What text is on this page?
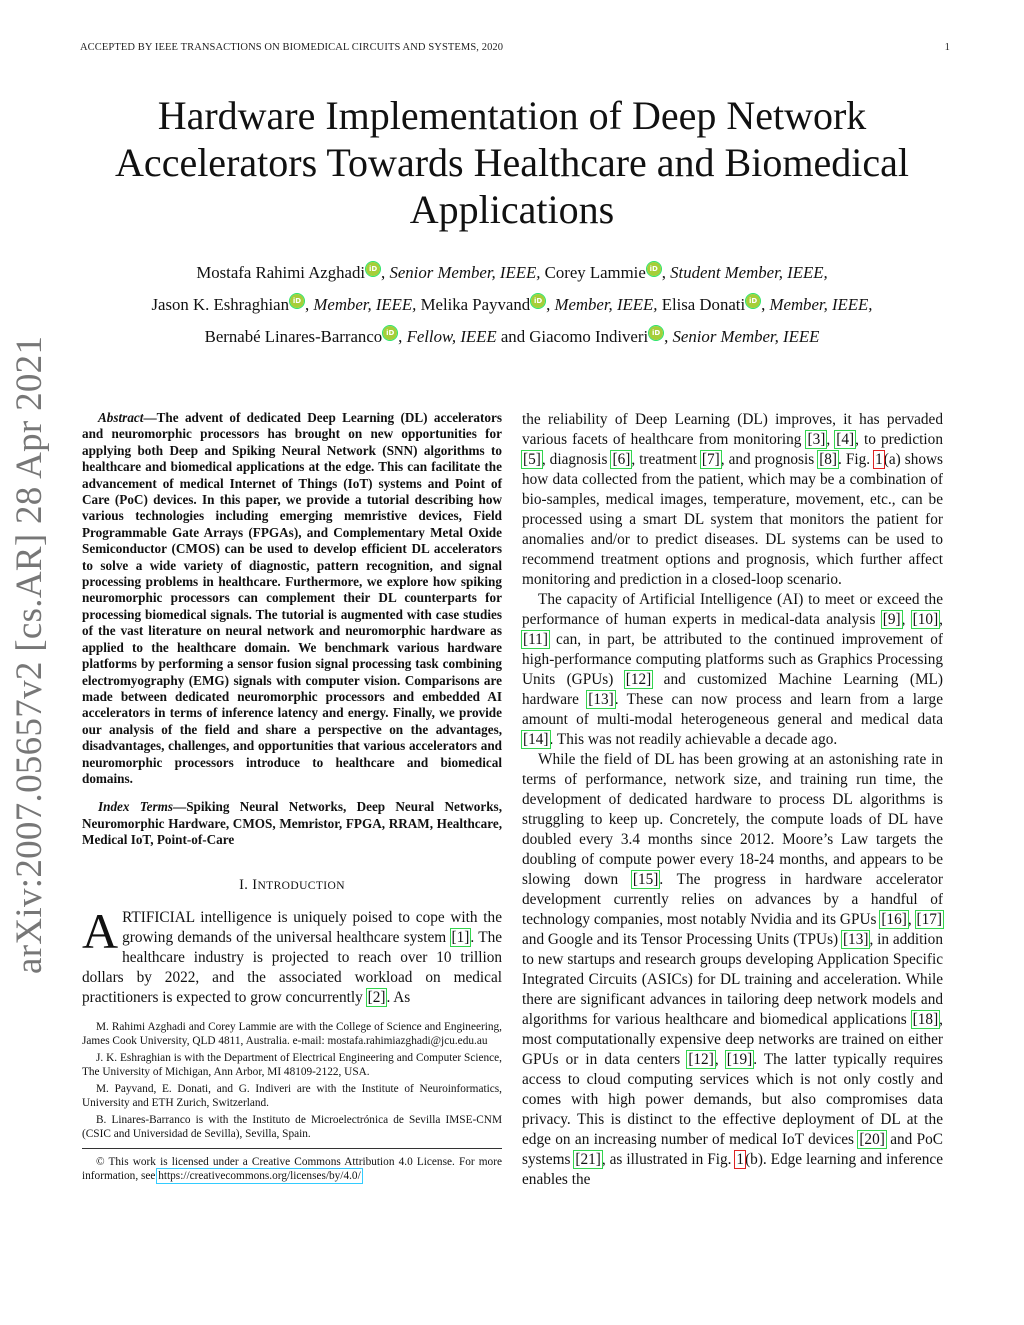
ACCEPTED BY IEEE TRANSACTIONS ON BIOMEDICAL CIRCUITS AND SYSTEMS, 2020	1
arXiv:2007.05657v2 [cs.AR] 28 Apr 2021
Hardware Implementation of Deep Network
Accelerators Towards Healthcare and Biomedical
Applications
Mostafa Rahimi Azghadi iD , Senior Member, IEEE, Corey Lammie iD , Student Member, IEEE,
Jason K. Eshraghian iD , Member, IEEE, Melika Payvand iD , Member, IEEE, Elisa Donati iD , Member, IEEE,
Bernabé Linares-Barranco iD , Fellow, IEEE and Giacomo Indiveri iD , Senior Member, IEEE

Abstract—The advent of dedicated Deep Learning (DL) accelerators and neuromorphic processors has brought on new opportunities for applying both Deep and Spiking Neural Network (SNN) algorithms to healthcare and biomedical applications at the edge. This can facilitate the advancement of medical Internet of Things (IoT) systems and Point of Care (PoC) devices. In this paper, we provide a tutorial describing how various technologies including emerging memristive devices, Field Programmable Gate Arrays (FPGAs), and Complementary Metal Oxide Semiconductor (CMOS) can be used to develop efficient DL accelerators to solve a wide variety of diagnostic, pattern recognition, and signal processing problems in healthcare. Furthermore, we explore how spiking neuromorphic processors can complement their DL counterparts for processing biomedical signals. The tutorial is augmented with case studies of the vast literature on neural network and neuromorphic hardware as applied to the healthcare domain. We benchmark various hardware platforms by performing a sensor fusion signal processing task combining electromyography (EMG) signals with computer vision. Comparisons are made between dedicated neuromorphic processors and embedded AI accelerators in terms of inference latency and energy. Finally, we provide our analysis of the field and share a perspective on the advantages, disadvantages, challenges, and opportunities that various accelerators and neuromorphic processors introduce to healthcare and biomedical domains.

Index Terms—Spiking Neural Networks, Deep Neural Networks, Neuromorphic Hardware, CMOS, Memristor, FPGA, RRAM, Healthcare, Medical IoT, Point-of-Care

I. INTRODUCTION

ARTIFICIAL intelligence is uniquely poised to cope with the growing demands of the universal healthcare system [1]. The healthcare industry is projected to reach over 10 trillion dollars by 2022, and the associated workload on medical practitioners is expected to grow concurrently [2]. As

M. Rahimi Azghadi and Corey Lammie are with the College of Science and Engineering, James Cook University, QLD 4811, Australia. e-mail: mostafa.rahimiazghadi@jcu.edu.au

J. K. Eshraghian is with the Department of Electrical Engineering and Computer Science, The University of Michigan, Ann Arbor, MI 48109-2122, USA.

M. Payvand, E. Donati, and G. Indiveri are with the Institute of Neuroinformatics, University and ETH Zurich, Switzerland.

B. Linares-Barranco is with the Instituto de Microelectrónica de Sevilla IMSE-CNM (CSIC and Universidad de Sevilla), Sevilla, Spain.

© This work is licensed under a Creative Commons Attribution 4.0 License. For more information, see https://creativecommons.org/licenses/by/4.0/

the reliability of Deep Learning (DL) improves, it has pervaded various facets of healthcare from monitoring [3], [4], to prediction [5], diagnosis [6], treatment [7], and prognosis [8]. Fig. 1(a) shows how data collected from the patient, which may be a combination of bio-samples, medical images, temperature, movement, etc., can be processed using a smart DL system that monitors the patient for anomalies and/or to predict diseases. DL systems can be used to recommend treatment options and prognosis, which further affect monitoring and prediction in a closed-loop scenario.

The capacity of Artificial Intelligence (AI) to meet or exceed the performance of human experts in medical-data analysis [9], [10], [11] can, in part, be attributed to the continued improvement of high-performance computing platforms such as Graphics Processing Units (GPUs) [12] and customized Machine Learning (ML) hardware [13]. These can now process and learn from a large amount of multi-modal heterogeneous general and medical data [14]. This was not readily achievable a decade ago.

While the field of DL has been growing at an astonishing rate in terms of performance, network size, and training run time, the development of dedicated hardware to process DL algorithms is struggling to keep up. Concretely, the compute loads of DL have doubled every 3.4 months since 2012. Moore’s Law targets the doubling of compute power every 18-24 months, and appears to be slowing down [15]. The progress in hardware accelerator development currently relies on advances by a handful of technology companies, most notably Nvidia and its GPUs [16], [17] and Google and its Tensor Processing Units (TPUs) [13], in addition to new startups and research groups developing Application Specific Integrated Circuits (ASICs) for DL training and acceleration. While there are significant advances in tailoring deep network models and algorithms for various healthcare and biomedical applications [18], most computationally expensive deep networks are trained on either GPUs or in data centers [12], [19]. The latter typically requires access to cloud computing services which is not only costly and comes with high power demands, but also compromises data privacy. This is distinct to the effective deployment of DL at the edge on an increasing number of medical IoT devices [20] and PoC systems [21], as illustrated in Fig. 1(b). Edge learning and inference enables the
